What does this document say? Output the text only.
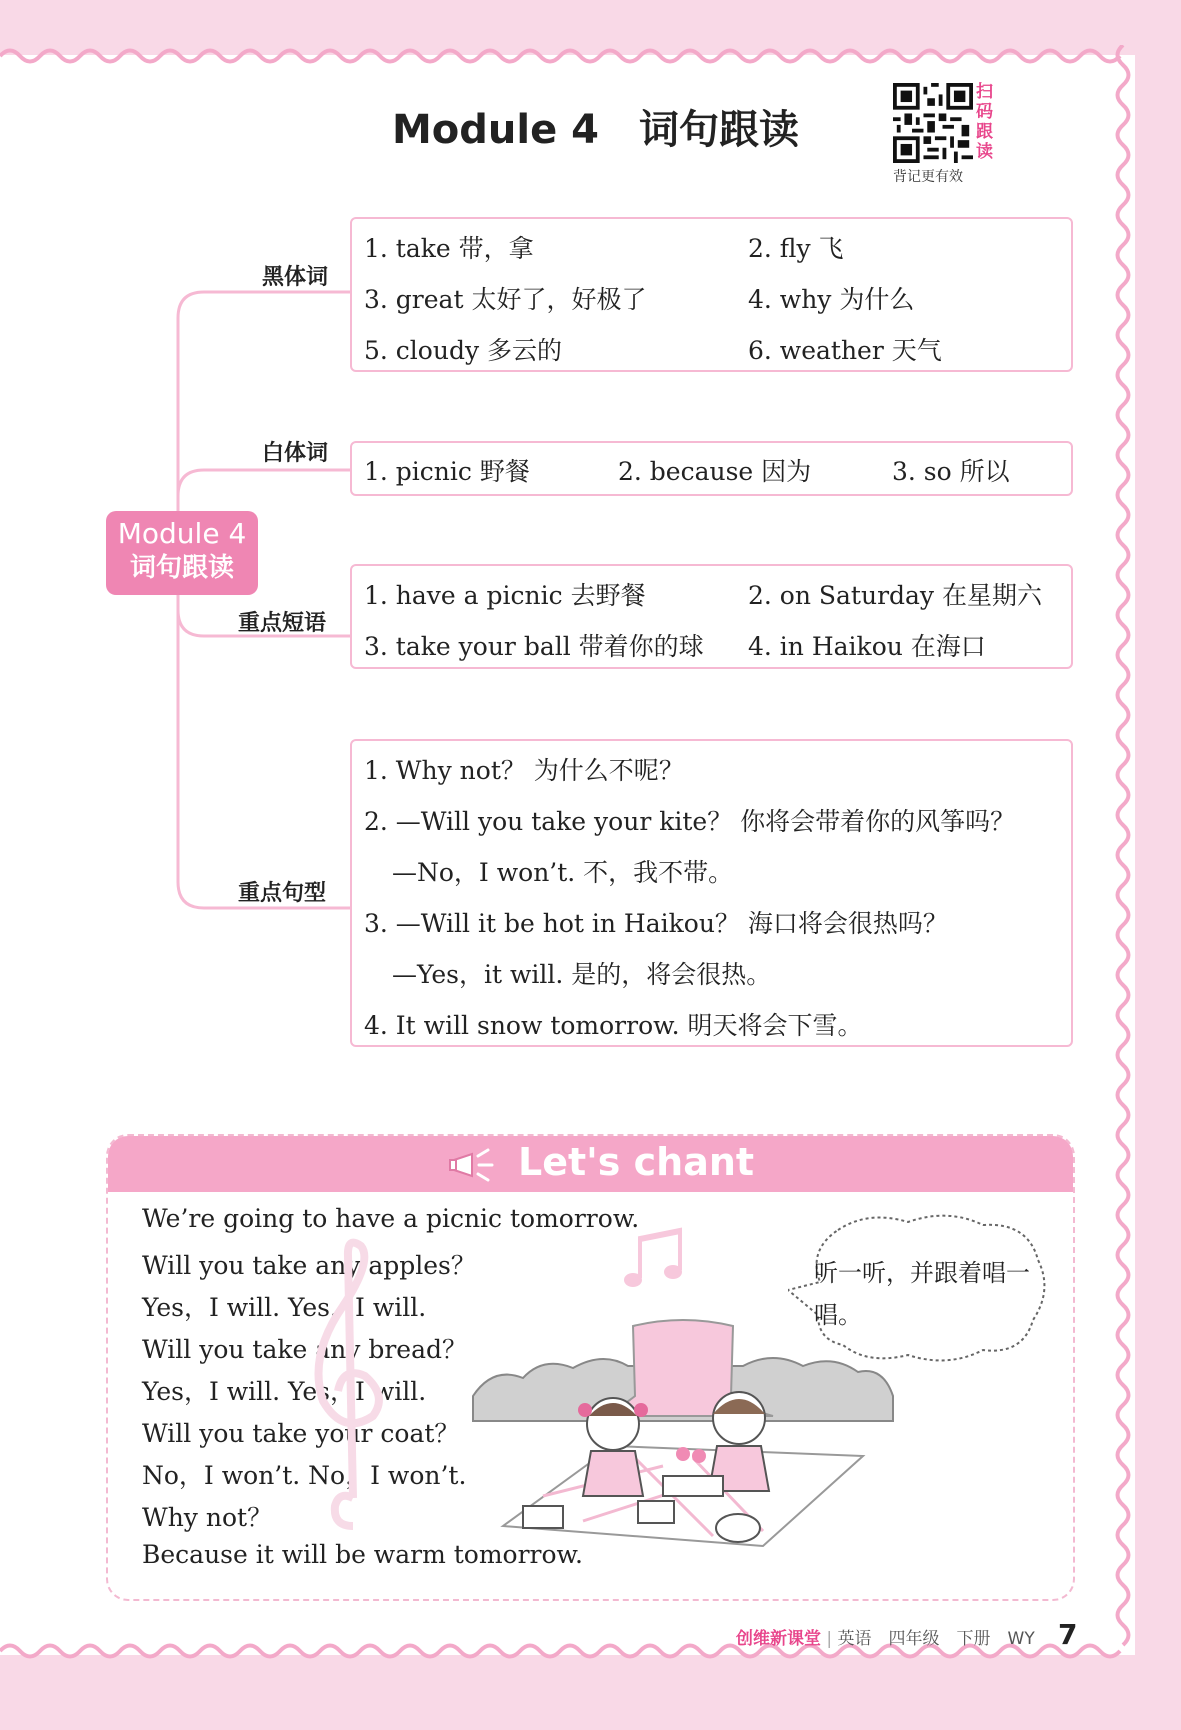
Module 4 词句跟读
扫码跟读
背记更有效
Module 4
词句跟读
黑体词
1. take 带，拿	2. fly 飞
3. great 太好了，好极了	4. why 为什么
5. cloudy 多云的	6. weather 天气
白体词
1. picnic 野餐	2. because 因为	3. so 所以
重点短语
1. have a picnic 去野餐	2. on Saturday 在星期六
3. take your ball 带着你的球 4. in Haikou 在海口
重点句型
1. Why not？ 为什么不呢？
2. —Will you take your kite？ 你将会带着你的风筝吗？
—No，I won’t. 不，我不带。
3. —Will it be hot in Haikou？ 海口将会很热吗？
—Yes，it will. 是的，将会很热。
4. It will snow tomorrow. 明天将会下雪。
Let's chant
We’re going to have a picnic tomorrow.
Will you take any apples？
Yes，I will. Yes，I will.
Will you take any bread？
Yes，I will. Yes，I will.
Will you take your coat？
No，I won’t. No，I won’t.
Why not？
Because it will be warm tomorrow.
听一听，并跟着唱一唱。
创维新课堂 | 英语　四年级　下册　WY 7
